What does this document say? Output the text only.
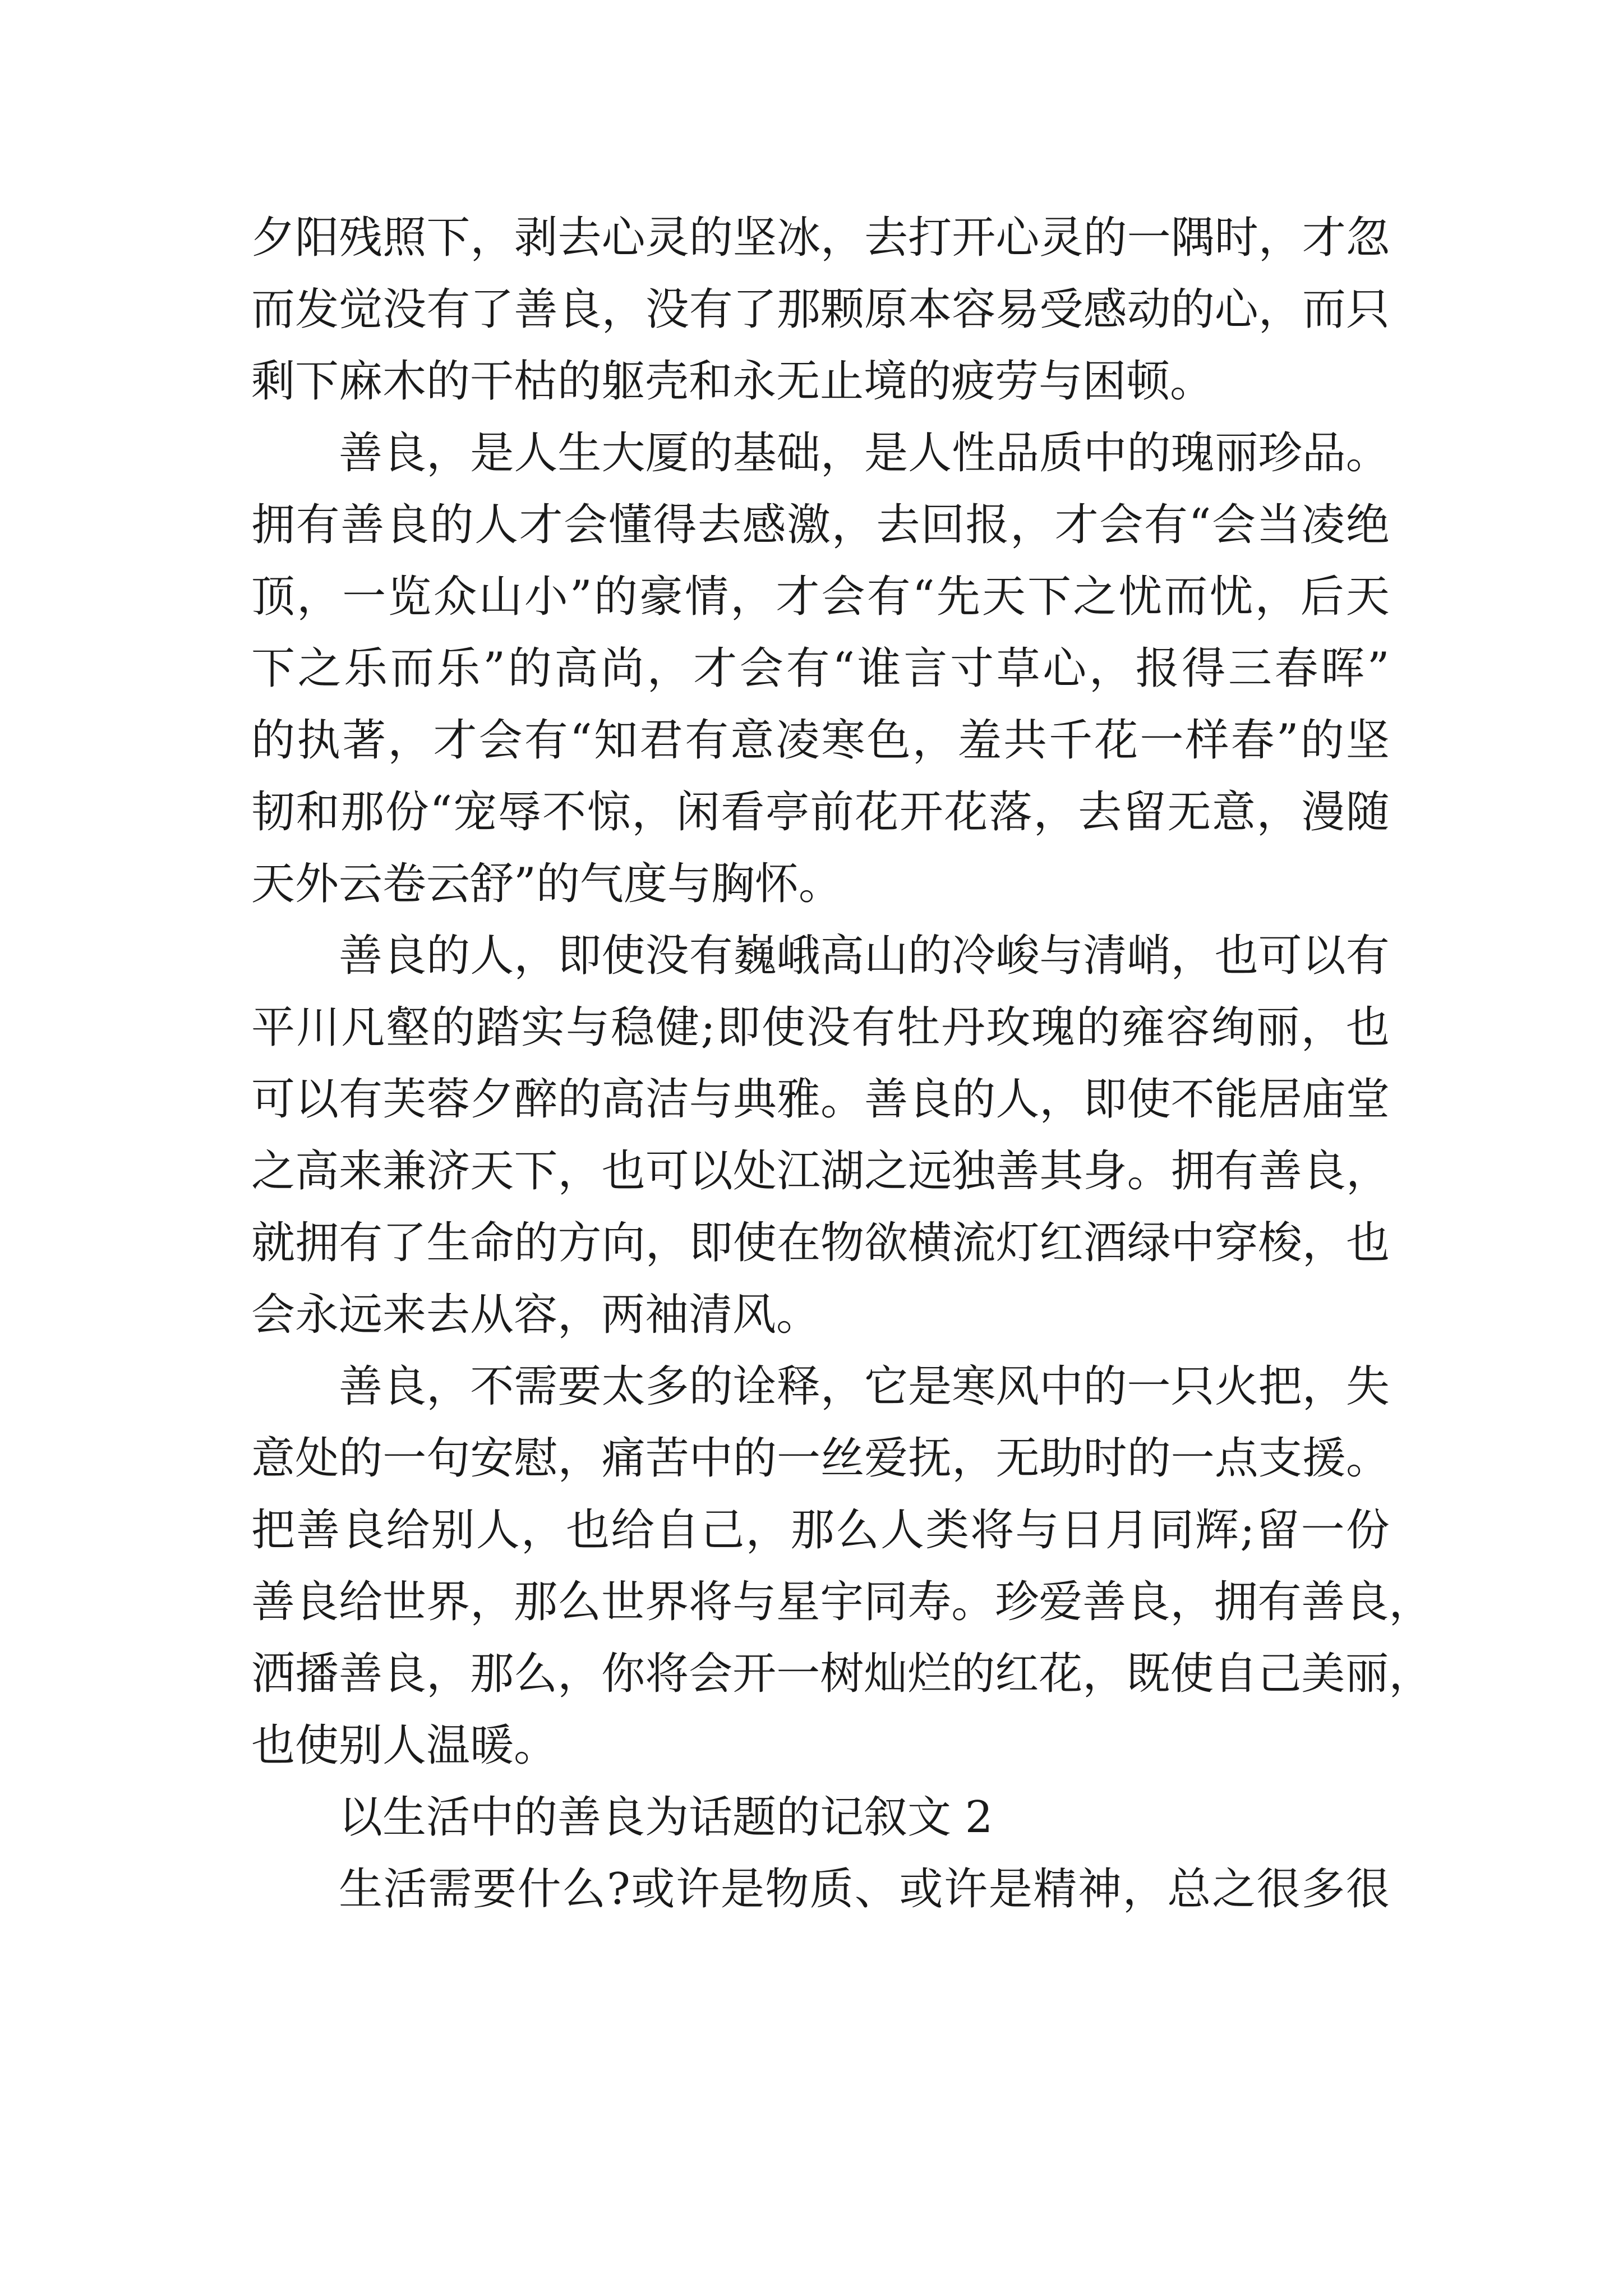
夕 阳 残 照 下 ， 剥 去 心 灵 的 坚 冰 ， 去 打 开 心 灵 的 一 隅 时 ， 才 忽
而 发 觉 没 有 了 善 良 ， 没 有 了 那 颗 原 本 容 易 受 感 动 的 心 ， 而 只
剩下麻木的干枯的躯壳和永无止境的疲劳与困顿。
善 良 ， 是 人 生 大 厦 的 基 础 ， 是 人 性 品 质 中 的 瑰 丽 珍 品 。
拥 有 善 良 的 人 才 会 懂 得 去 感 激 ， 去 回 报 ， 才 会 有 “ 会 当 凌 绝
顶 ， 一 览 众 山 小 ” 的 豪 情 ， 才 会 有 “ 先 天 下 之 忧 而 忧 ， 后 天
下 之 乐 而 乐 ” 的 高 尚 ， 才 会 有 “ 谁 言 寸 草 心 ， 报 得 三 春 晖 ”
的 执 著 ， 才 会 有 “ 知 君 有 意 凌 寒 色 ， 羞 共 千 花 一 样 春 ” 的 坚
韧 和 那 份 “ 宠 辱 不 惊 ， 闲 看 亭 前 花 开 花 落 ， 去 留 无 意 ， 漫 随
天外云卷云舒”的气度与胸怀。
善 良 的 人 ， 即 使 没 有 巍 峨 高 山 的 冷 峻 与 清 峭 ， 也 可 以 有
平 川 凡 壑 的 踏 实 与 稳 健 ; 即 使 没 有 牡 丹 玫 瑰 的 雍 容 绚 丽 ， 也
可 以 有 芙 蓉 夕 醉 的 高 洁 与 典 雅 。 善 良 的 人 ， 即 使 不 能 居 庙 堂
之 高 来 兼 济 天 下 ， 也 可 以 处 江 湖 之 远 独 善 其 身 。 拥 有 善 良 ，
就 拥 有 了 生 命 的 方 向 ， 即 使 在 物 欲 横 流 灯 红 酒 绿 中 穿 梭 ， 也
会永远来去从容，两袖清风。
善 良 ， 不 需 要 太 多 的 诠 释 ， 它 是 寒 风 中 的 一 只 火 把 ， 失
意 处 的 一 句 安 慰 ， 痛 苦 中 的 一 丝 爱 抚 ， 无 助 时 的 一 点 支 援 。
把 善 良 给 别 人 ， 也 给 自 己 ， 那 么 人 类 将 与 日 月 同 辉 ; 留 一 份
善 良 给 世 界 ， 那 么 世 界 将 与 星 宇 同 寿 。 珍 爱 善 良 ， 拥 有 善 良 ，
洒 播 善 良 ， 那 么 ， 你 将 会 开 一 树 灿 烂 的 红 花 ， 既 使 自 己 美 丽 ，
也使别人温暖。
以生活中的善良为话题的记叙文 2
生 活 需 要 什 么 ? 或 许 是 物 质 、 或 许 是 精 神 ， 总 之 很 多 很
